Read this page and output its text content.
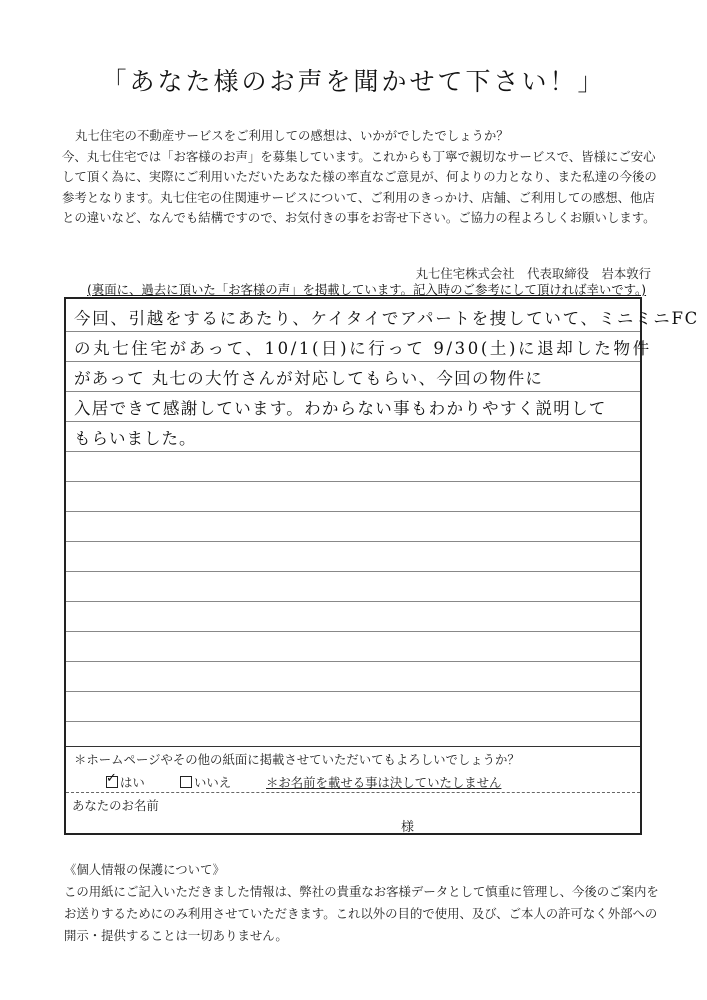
「あなた様のお声を聞かせて下さい！」
丸七住宅の不動産サービスをご利用しての感想は、いかがでしたでしょうか？
今、丸七住宅では「お客様のお声」を募集しています。これからも丁寧で親切なサービスで、皆様にご安心
して頂く為に、実際にご利用いただいたあなた様の率直なご意見が、何よりの力となり、また私達の今後の
参考となります。丸七住宅の住関連サービスについて、ご利用のきっかけ、店舗、ご利用しての感想、他店
との違いなど、なんでも結構ですので、お気付きの事をお寄せ下さい。ご協力の程よろしくお願いします。
丸七住宅株式会社　代表取締役　岩本敦行
(裏面に、過去に頂いた「お客様の声」を掲載しています。記入時のご参考にして頂ければ幸いです。)
今回、引越をするにあたり、ケイタイでアパートを捜していて、ミニミニFC
の丸七住宅があって、10/1(日)に行って 9/30(土)に退却した物件
があって 丸七の大竹さんが対応してもらい、今回の物件に
入居できて感謝しています。わからない事もわかりやすく説明して
もらいました。
＊ホームページやその他の紙面に掲載させていただいてもよろしいでしょうか？
✓ はい	いいえ	＊お名前を載せる事は決していたしません
あなたのお名前
様
《個人情報の保護について》
この用紙にご記入いただきました情報は、弊社の貴重なお客様データとして慎重に管理し、今後のご案内を
お送りするためにのみ利用させていただきます。これ以外の目的で使用、及び、ご本人の許可なく外部への
開示・提供することは一切ありません。
